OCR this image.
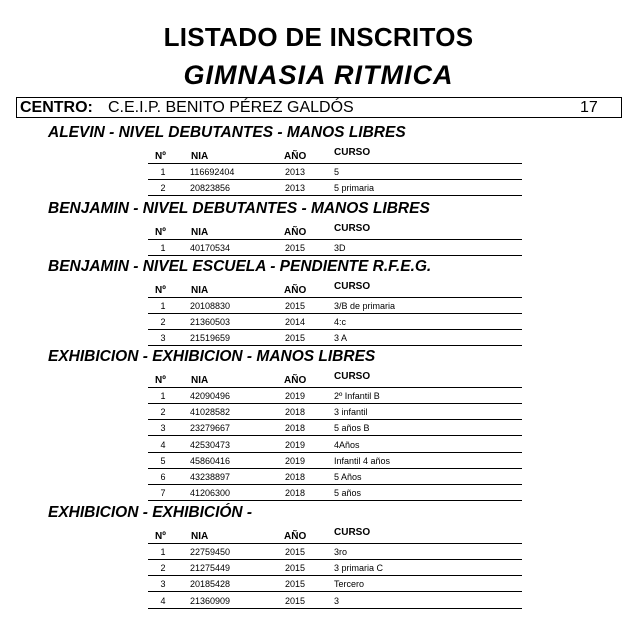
LISTADO DE INSCRITOS
GIMNASIA RITMICA
CENTRO: C.E.I.P. BENITO PÉREZ GALDÓS	17
ALEVIN - NIVEL DEBUTANTES - MANOS LIBRES
Nº	NIA	AÑO	CURSO
1	116692404	2013	5
2	20823856	2013	5 primaria
BENJAMIN - NIVEL DEBUTANTES - MANOS LIBRES
Nº	NIA	AÑO	CURSO
1	40170534	2015	3D
BENJAMIN - NIVEL ESCUELA - PENDIENTE R.F.E.G.
Nº	NIA	AÑO	CURSO
1	20108830	2015	3/B de primaria
2	21360503	2014	4:c
3	21519659	2015	3 A
EXHIBICION - EXHIBICION - MANOS LIBRES
Nº	NIA	AÑO	CURSO
1	42090496	2019	2º Infantil B
2	41028582	2018	3 infantil
3	23279667	2018	5 años B
4	42530473	2019	4Años
5	45860416	2019	Infantil 4 años
6	43238897	2018	5 Años
7	41206300	2018	5 años
EXHIBICION - EXHIBICIÓN -
Nº	NIA	AÑO	CURSO
1	22759450	2015	3ro
2	21275449	2015	3 primaria C
3	20185428	2015	Tercero
4	21360909	2015	3
